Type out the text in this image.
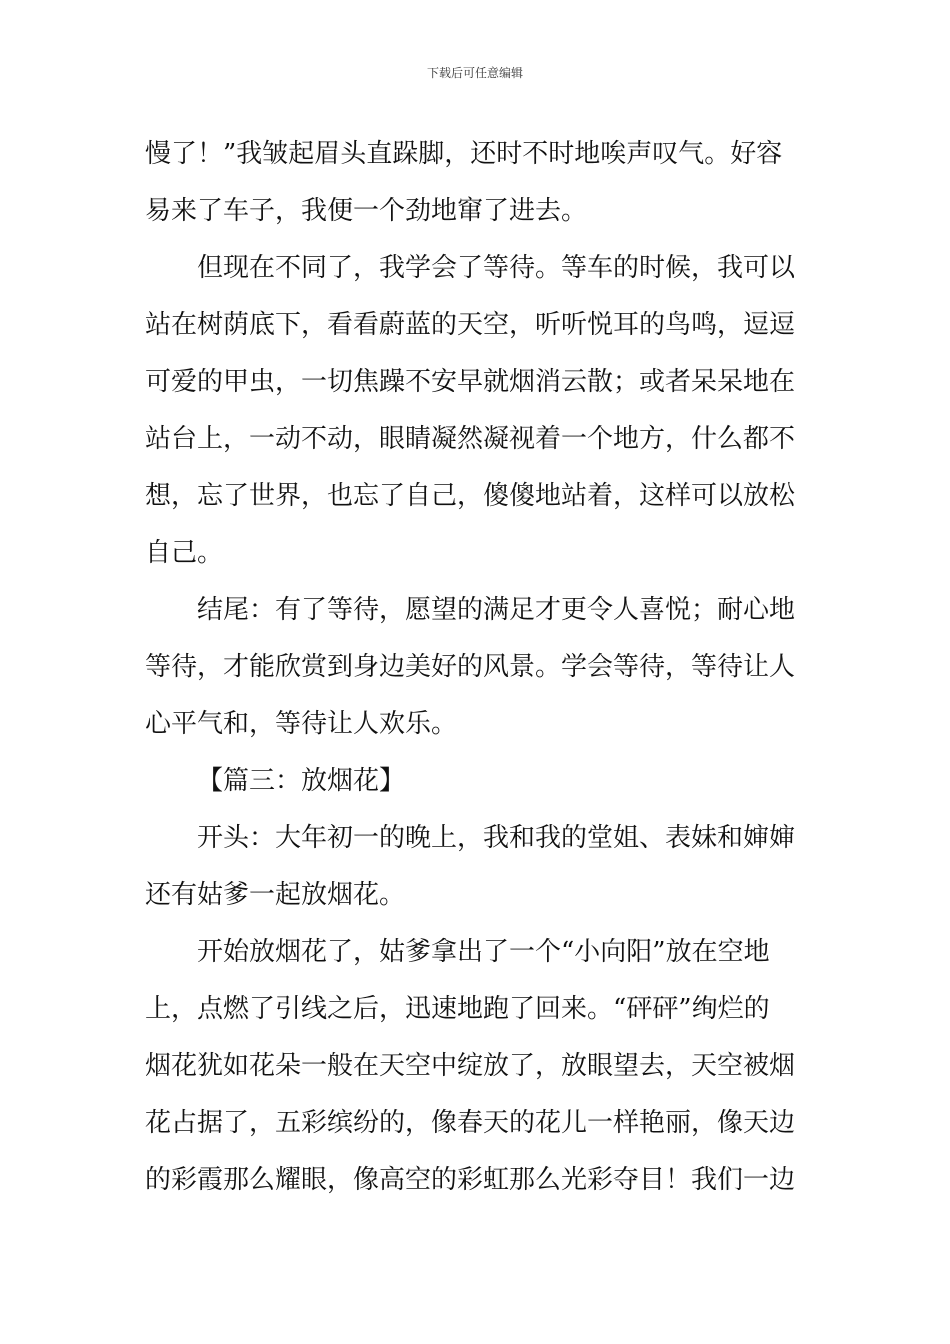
下载后可任意编辑
慢了！”我皱起眉头直跺脚，还时不时地唉声叹气。好容
易来了车子，我便一个劲地窜了进去。
但现在不同了，我学会了等待。等车的时候，我可以
站在树荫底下，看看蔚蓝的天空，听听悦耳的鸟鸣，逗逗
可爱的甲虫，一切焦躁不安早就烟消云散；或者呆呆地在
站台上，一动不动，眼睛凝然凝视着一个地方，什么都不
想，忘了世界，也忘了自己，傻傻地站着，这样可以放松
自己。
结尾：有了等待，愿望的满足才更令人喜悦；耐心地
等待，才能欣赏到身边美好的风景。学会等待，等待让人
心平气和，等待让人欢乐。
【篇三：放烟花】
开头：大年初一的晚上，我和我的堂姐、表妹和婶婶
还有姑爹一起放烟花。
开始放烟花了，姑爹拿出了一个“小向阳”放在空地
上，点燃了引线之后，迅速地跑了回来。“砰砰”绚烂的
烟花犹如花朵一般在天空中绽放了，放眼望去，天空被烟
花占据了，五彩缤纷的，像春天的花儿一样艳丽，像天边
的彩霞那么耀眼，像高空的彩虹那么光彩夺目！我们一边
